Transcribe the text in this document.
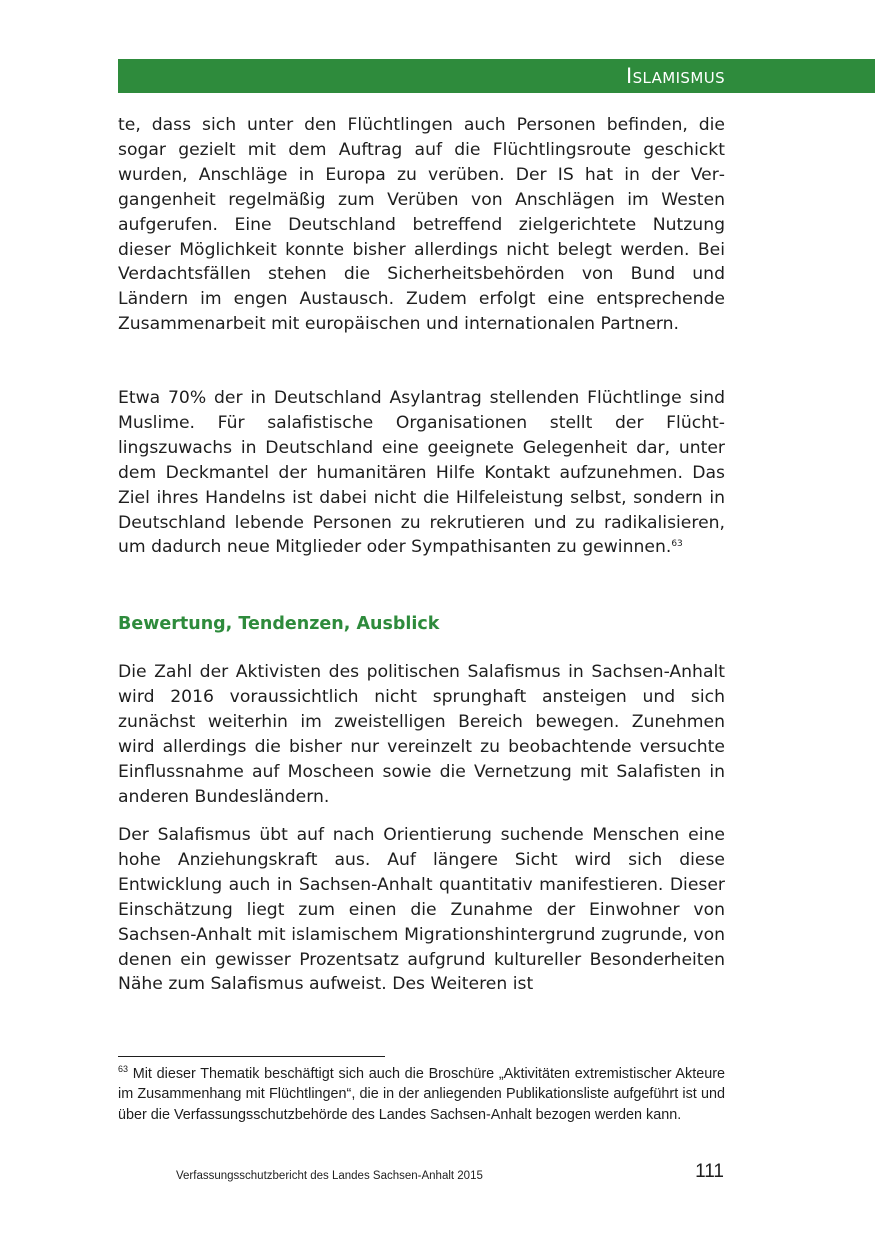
Islamismus

te, dass sich unter den Flüchtlingen auch Personen befinden, die sogar gezielt mit dem Auftrag auf die Flüchtlingsroute geschickt wurden, Anschläge in Europa zu verüben. Der IS hat in der Vergangenheit regelmäßig zum Verüben von Anschlägen im Westen aufgerufen. Eine Deutschland betreffend zielgerichtete Nutzung dieser Möglichkeit konnte bisher allerdings nicht belegt werden. Bei Verdachtsfällen stehen die Sicherheitsbehörden von Bund und Ländern im engen Austausch. Zudem erfolgt eine entsprechende Zusammenarbeit mit europäischen und internationalen Partnern.

Etwa 70% der in Deutschland Asylantrag stellenden Flüchtlinge sind Muslime. Für salafistische Organisationen stellt der Flüchtlingszuwachs in Deutschland eine geeignete Gelegenheit dar, unter dem Deckmantel der humanitären Hilfe Kontakt aufzunehmen. Das Ziel ihres Handelns ist dabei nicht die Hilfeleistung selbst, sondern in Deutschland lebende Personen zu rekrutieren und zu radikalisieren, um dadurch neue Mitglieder oder Sympathisanten zu gewinnen.$^{63}$

Bewertung, Tendenzen, Ausblick

Die Zahl der Aktivisten des politischen Salafismus in Sachsen-Anhalt wird 2016 voraussichtlich nicht sprunghaft ansteigen und sich zunächst weiterhin im zweistelligen Bereich bewegen. Zunehmen wird allerdings die bisher nur vereinzelt zu beobachtende versuchte Einflussnahme auf Moscheen sowie die Vernetzung mit Salafisten in anderen Bundesländern.

Der Salafismus übt auf nach Orientierung suchende Menschen eine hohe Anziehungskraft aus. Auf längere Sicht wird sich diese Entwicklung auch in Sachsen-Anhalt quantitativ manifestieren. Dieser Einschätzung liegt zum einen die Zunahme der Einwohner von Sachsen-Anhalt mit islamischem Migrationshintergrund zugrunde, von denen ein gewisser Prozentsatz aufgrund kultureller Besonderheiten Nähe zum Salafismus aufweist. Des Weiteren ist

$^{63}$ Mit dieser Thematik beschäftigt sich auch die Broschüre „Aktivitäten extremistischer Akteure im Zusammenhang mit Flüchtlingen“, die in der anliegenden Publikationsliste aufgeführt ist und über die Verfassungsschutzbehörde des Landes Sachsen-Anhalt bezogen werden kann.

Verfassungsschutzbericht des Landes Sachsen-Anhalt 2015	111
